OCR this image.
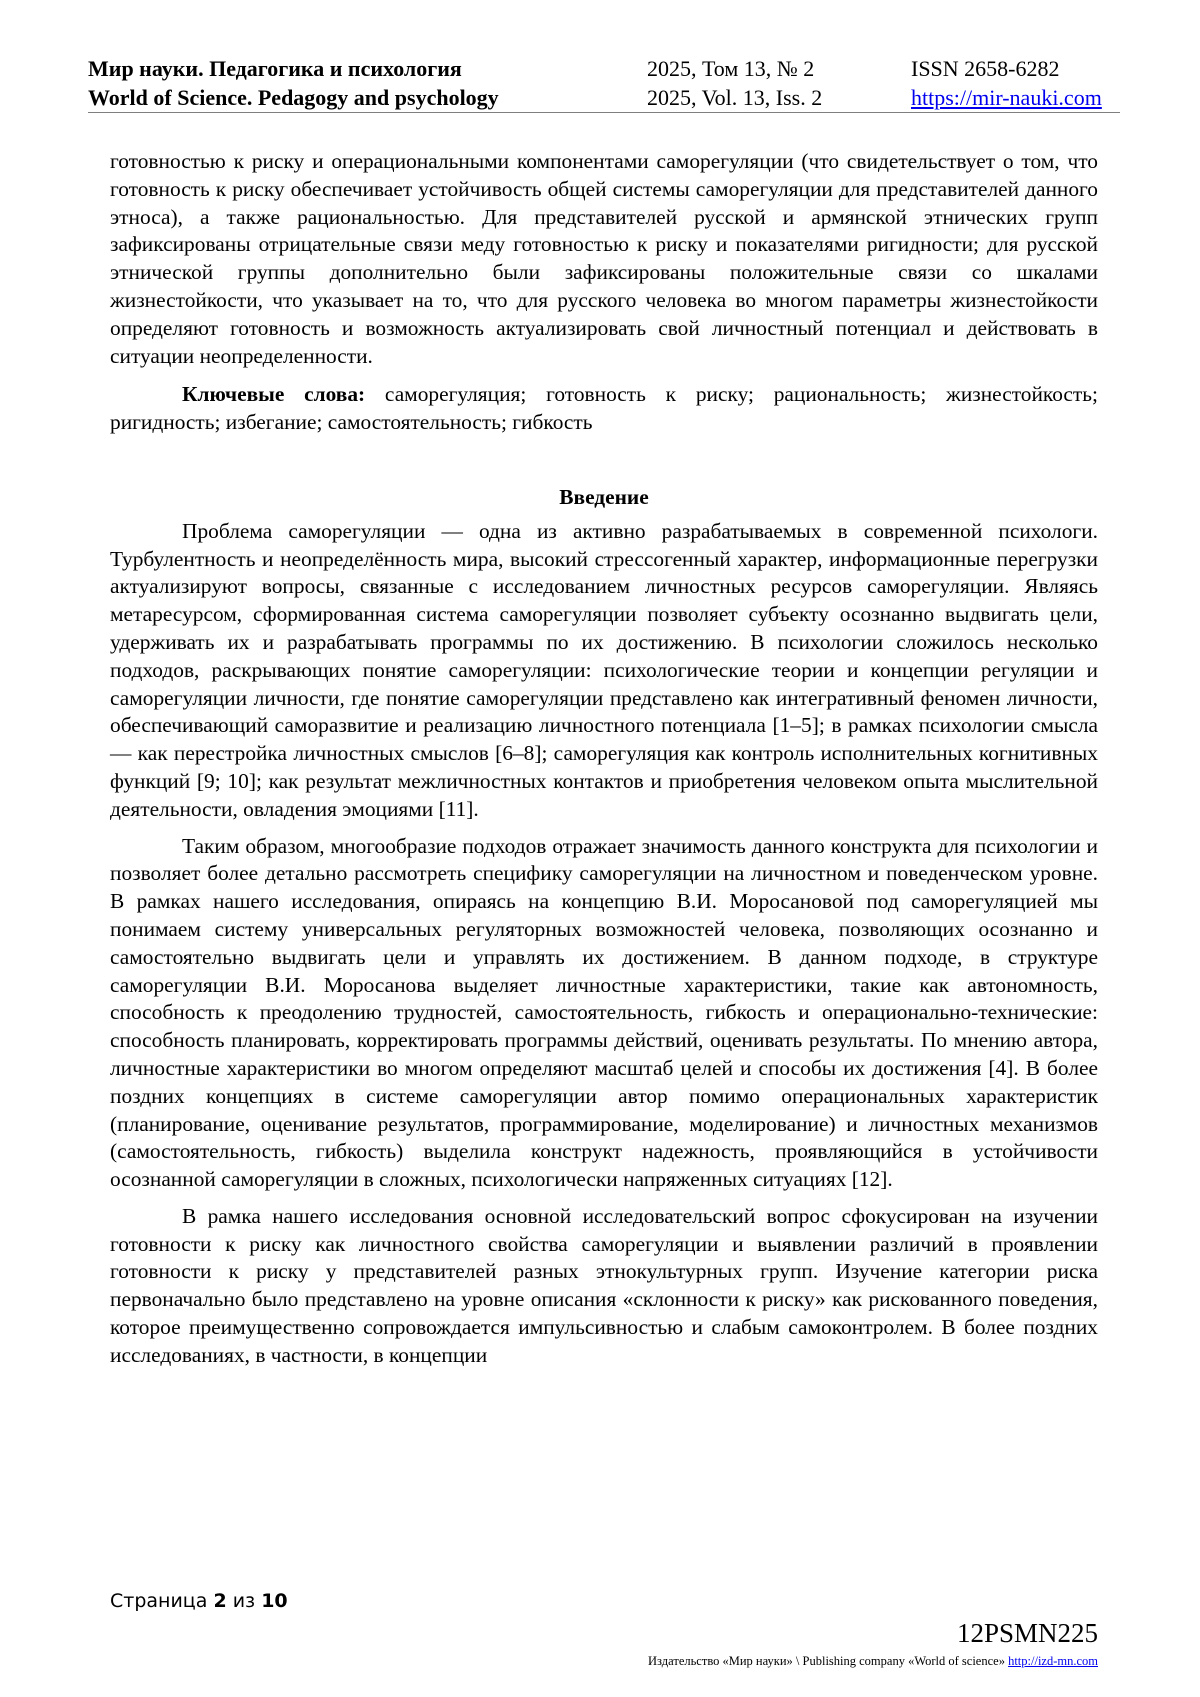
Мир науки. Педагогика и психология
World of Science. Pedagogy and psychology
2025, Том 13, № 2
2025, Vol. 13, Iss. 2
ISSN 2658-6282
https://mir-nauki.com

готовностью к риску и операциональными компонентами саморегуляции (что свидетельствует о том, что готовность к риску обеспечивает устойчивость общей системы саморегуляции для представителей данного этноса), а также рациональностью. Для представителей русской и армянской этнических групп зафиксированы отрицательные связи меду готовностью к риску и показателями ригидности; для русской этнической группы дополнительно были зафиксированы положительные связи со шкалами жизнестойкости, что указывает на то, что для русского человека во многом параметры жизнестойкости определяют готовность и возможность актуализировать свой личностный потенциал и действовать в ситуации неопределенности.

Ключевые слова: саморегуляция; готовность к риску; рациональность; жизнестойкость; ригидность; избегание; самостоятельность; гибкость

Введение

Проблема саморегуляции — одна из активно разрабатываемых в современной психологи. Турбулентность и неопределённость мира, высокий стрессогенный характер, информационные перегрузки актуализируют вопросы, связанные с исследованием личностных ресурсов саморегуляции. Являясь метаресурсом, сформированная система саморегуляции позволяет субъекту осознанно выдвигать цели, удерживать их и разрабатывать программы по их достижению. В психологии сложилось несколько подходов, раскрывающих понятие саморегуляции: психологические теории и концепции регуляции и саморегуляции личности, где понятие саморегуляции представлено как интегративный феномен личности, обеспечивающий саморазвитие и реализацию личностного потенциала [1–5]; в рамках психологии смысла — как перестройка личностных смыслов [6–8]; саморегуляция как контроль исполнительных когнитивных функций [9; 10]; как результат межличностных контактов и приобретения человеком опыта мыслительной деятельности, овладения эмоциями [11].

Таким образом, многообразие подходов отражает значимость данного конструкта для психологии и позволяет более детально рассмотреть специфику саморегуляции на личностном и поведенческом уровне. В рамках нашего исследования, опираясь на концепцию В.И. Моросановой под саморегуляцией мы понимаем систему универсальных регуляторных возможностей человека, позволяющих осознанно и самостоятельно выдвигать цели и управлять их достижением. В данном подходе, в структуре саморегуляции В.И. Моросанова выделяет личностные характеристики, такие как автономность, способность к преодолению трудностей, самостоятельность, гибкость и операционально-технические: способность планировать, корректировать программы действий, оценивать результаты. По мнению автора, личностные характеристики во многом определяют масштаб целей и способы их достижения [4]. В более поздних концепциях в системе саморегуляции автор помимо операциональных характеристик (планирование, оценивание результатов, программирование, моделирование) и личностных механизмов (самостоятельность, гибкость) выделила конструкт надежность, проявляющийся в устойчивости осознанной саморегуляции в сложных, психологически напряженных ситуациях [12].

В рамка нашего исследования основной исследовательский вопрос сфокусирован на изучении готовности к риску как личностного свойства саморегуляции и выявлении различий в проявлении готовности к риску у представителей разных этнокультурных групп. Изучение категории риска первоначально было представлено на уровне описания «склонности к риску» как рискованного поведения, которое преимущественно сопровождается импульсивностью и слабым самоконтролем. В более поздних исследованиях, в частности, в концепции

Страница 2 из 10
12PSMN225
Издательство «Мир науки» \ Publishing company «World of science» http://izd-mn.com
